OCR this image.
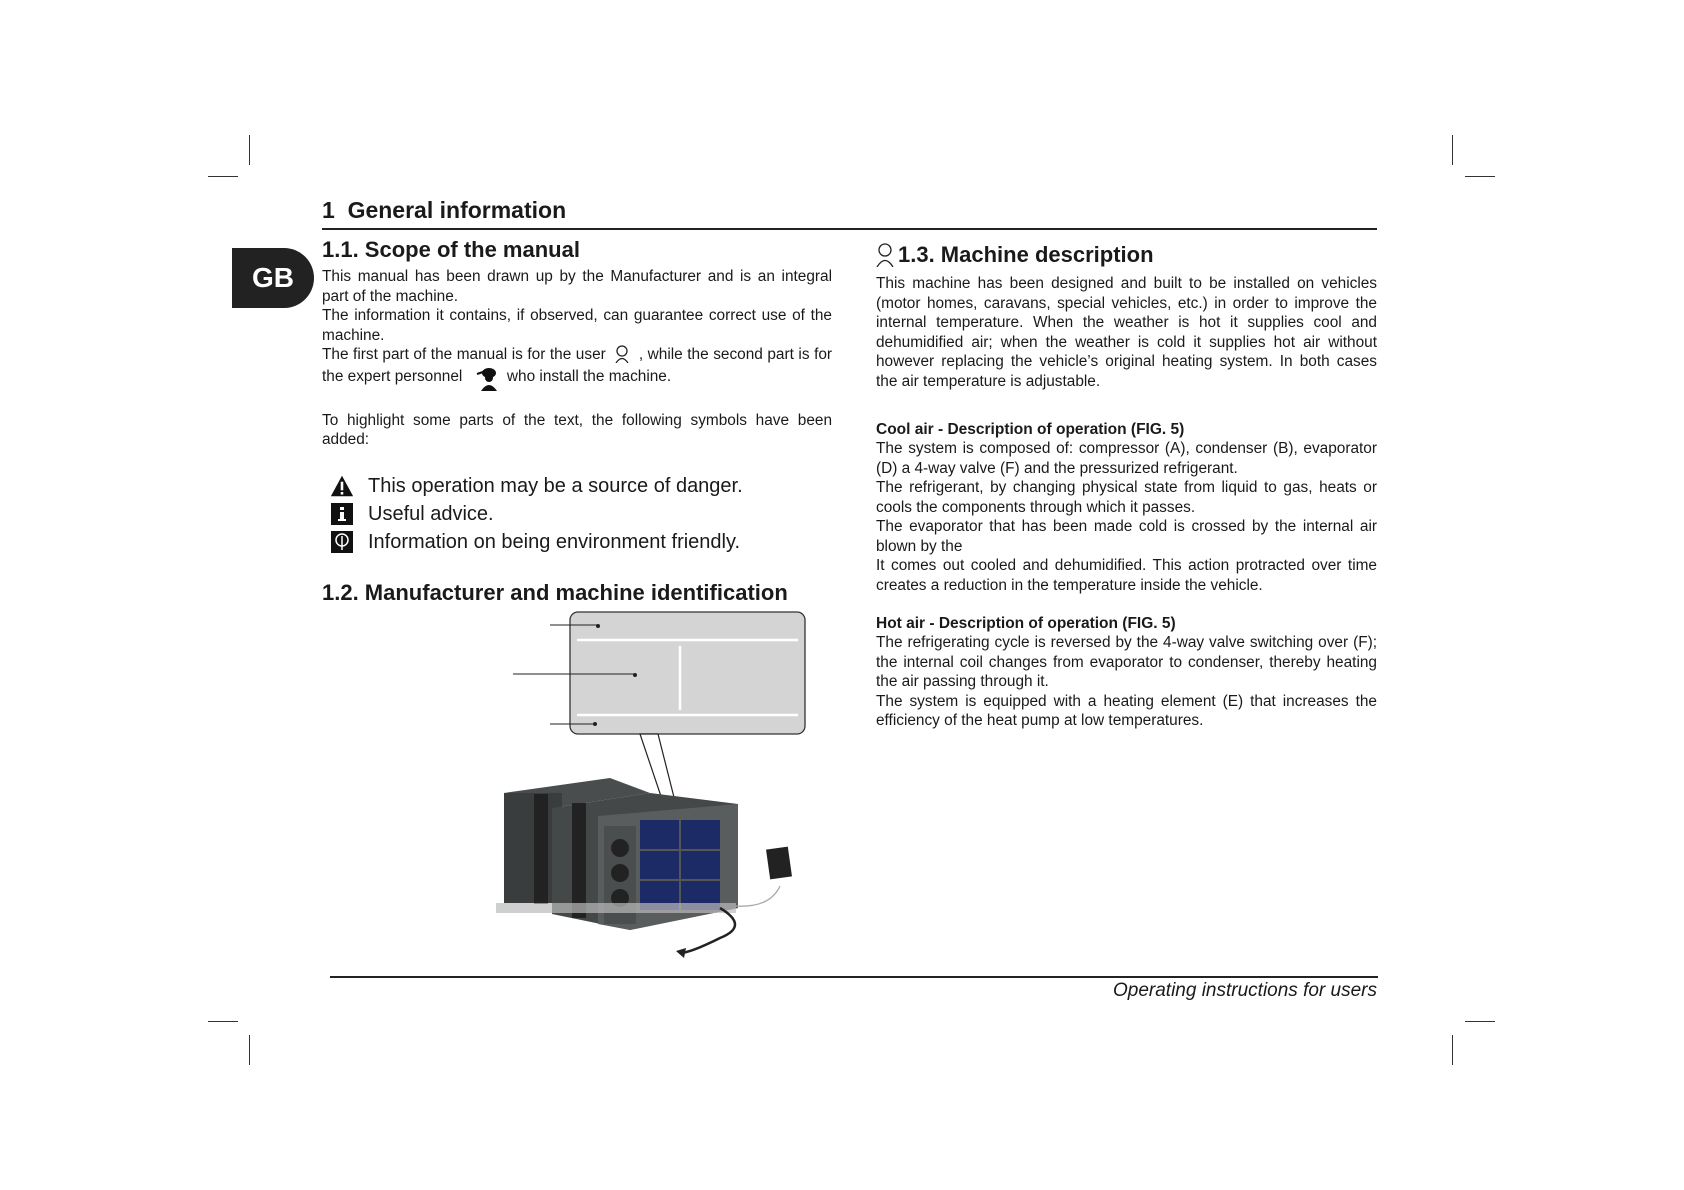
GB
1 General information

1.1. Scope of the manual

This manual has been drawn up by the Manufacturer and is an integral part of the machine.

The information it contains, if observed, can guarantee correct use of the machine.

The first part of the manual is for the user , while the second part is for the expert personnel	who install the machine.

To highlight some parts of the text, the following symbols have been added:

This operation may be a source of danger.
Useful advice.
Information on being environment friendly.
1.2. Manufacturer and machine identification

1.3. Machine description

This machine has been designed and built to be installed on vehicles (motor homes, caravans, special vehicles, etc.) in order to improve the internal temperature. When the weather is hot it supplies cool and dehumidified air; when the weather is cold it supplies hot air without however replacing the vehicle’s original heating system. In both cases the air temperature is adjustable.

Cool air - Description of operation (FIG. 5)

The system is composed of: compressor (A), condenser (B), evaporator (D) a 4-way valve (F) and the pressurized refrigerant.

The refrigerant, by changing physical state from liquid to gas, heats or cools the components through which it passes.

The evaporator that has been made cold is crossed by the internal air blown by the

It comes out cooled and dehumidified. This action protracted over time creates a reduction in the temperature inside the vehicle.

Hot air - Description of operation (FIG. 5)

The refrigerating cycle is reversed by the 4-way valve switching over (F); the internal coil changes from evaporator to condenser, thereby heating the air passing through it.

The system is equipped with a heating element (E) that increases the efficiency of the heat pump at low temperatures.

Operating instructions for users
